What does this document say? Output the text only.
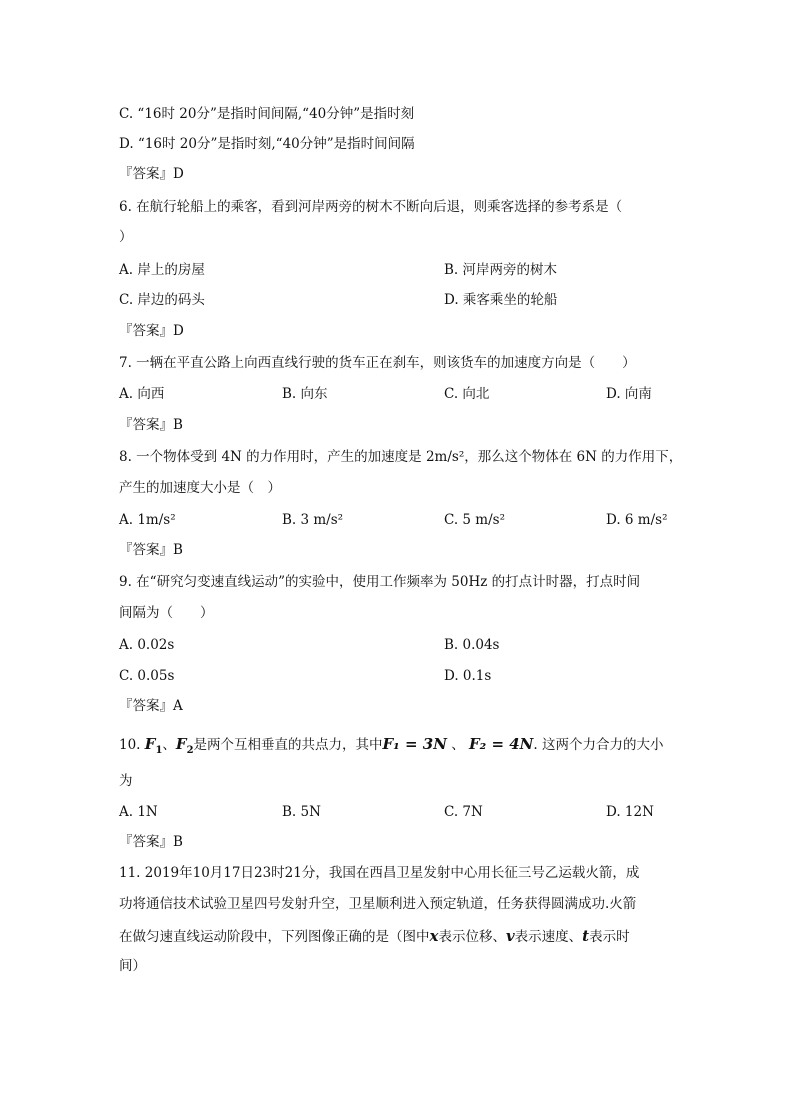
C. “16时 20分”是指时间间隔,“40分钟”是指时刻
D. “16时 20分”是指时刻,“40分钟”是指时间间隔
『答案』D
6. 在航行轮船上的乘客，看到河岸两旁的树木不断向后退，则乘客选择的参考系是（
）
A. 岸上的房屋	B. 河岸两旁的树木
C. 岸边的码头	D. 乘客乘坐的轮船
『答案』D
7. 一辆在平直公路上向西直线行驶的货车正在刹车，则该货车的加速度方向是（　　）
A. 向西	B. 向东	C. 向北	D. 向南
『答案』B
8. 一个物体受到 4N 的力作用时，产生的加速度是 2m/s²，那么这个物体在 6N 的力作用下，
产生的加速度大小是（　）
A. 1m/s²	B. 3 m/s²	C. 5 m/s²	D. 6 m/s²
『答案』B
9. 在“研究匀变速直线运动”的实验中，使用工作频率为 50Hz 的打点计时器，打点时间
间隔为（　　）
A. 0.02s	B. 0.04s
C. 0.05s	D. 0.1s
『答案』A
10. $F_1$、$F_2$是两个互相垂直的共点力，其中F₁ = 3N 、 F₂ = 4N. 这两个力合力的大小
为
A. 1N	B. 5N	C. 7N	D. 12N
『答案』B
11. 2019年10月17日23时21分，我国在西昌卫星发射中心用长征三号乙运载火箭，成
功将通信技术试验卫星四号发射升空，卫星顺利进入预定轨道，任务获得圆满成功.火箭
在做匀速直线运动阶段中，下列图像正确的是（图中x表示位移、v表示速度、t表示时
间）
